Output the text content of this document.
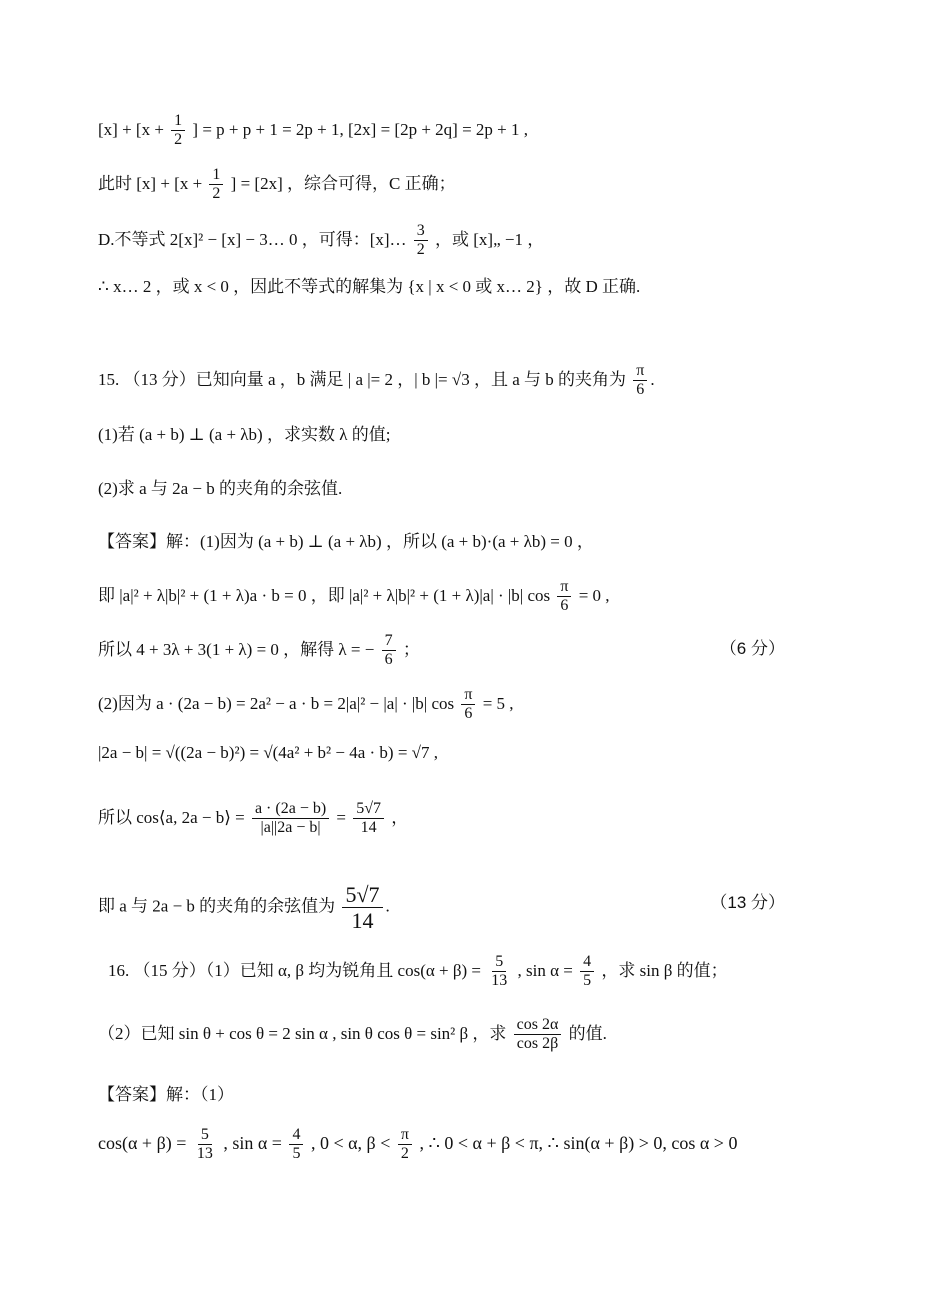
$[x] + [x + \frac{1}{2}$ ] = p + p + 1 = 2p + 1, [2x] = [2p + 2q] = 2p + 1 ,
此时 $[x] + [x + \frac{1}{2}$ ] = [2x] ，综合可得，C 正确；
D.不等式 2[x]² − [x] − 3… 0 ，可得：[x]… $\frac{3}{2}$ ，或 [x]„ −1 ，
∴ x… 2 ，或 x < 0 ，因此不等式的解集为 {x | x < 0 或 x… 2} ，故 D 正确.
15. （13 分）已知向量 a ，b 满足 | a |= 2 ，| b |= √3 ，且 a 与 b 的夹角为 $\frac{\pi}{6}$ .
(1)若 (a + b) ⊥ (a + λb) ，求实数 λ 的值;
(2)求 a 与 2a − b 的夹角的余弦值.
【答案】解：(1)因为 (a + b) ⊥ (a + λb) ，所以 (a + b)·(a + λb) = 0 ，
即 |a|² + λ|b|² + (1 + λ)a · b = 0 ，即 |a|² + λ|b|² + (1 + λ)|a| · |b| $\cos \frac{\pi}{6} = 0$ ,
所以 4 + 3λ + 3(1 + λ) = 0 ，解得 λ = − $\frac{7}{6}$ ；	（6 分）
(2)因为 a · (2a − b) = 2a² − a · b = 2|a|² − |a| · |b| $\cos \frac{\pi}{6} = 5$ ,
|2a − b| = √((2a − b)²) = √(4a² + b² − 4a · b) = √7 ,
所以 cos⟨a, 2a − b⟩ = $\frac{a \cdot (2a - b)}{|a||2a - b|} = \frac{5√7}{14}$ ，
即 a 与 2a − b 的夹角的余弦值为 $\frac{5√7}{14}$ .	（13 分）
16. （15 分）（1）已知 α, β 均为锐角且 $\cos(\alpha + \beta) = \frac{5}{13}$ , $\sin \alpha = \frac{4}{5}$ ，求 sin β 的值；
（2）已知 sin θ + cos θ = 2 sin α , sin θ cos θ = sin² β ，求 $\frac{\cos 2\alpha}{\cos 2\beta}$ 的值.
【答案】解：（1）
$\cos(\alpha + \beta) = \frac{5}{13}$ , $\sin \alpha = \frac{4}{5}$ , 0 < α, $\beta < \frac{\pi}{2}$ , ∴ 0 < α + β < π, ∴ sin(α + β) > 0, cos α > 0
